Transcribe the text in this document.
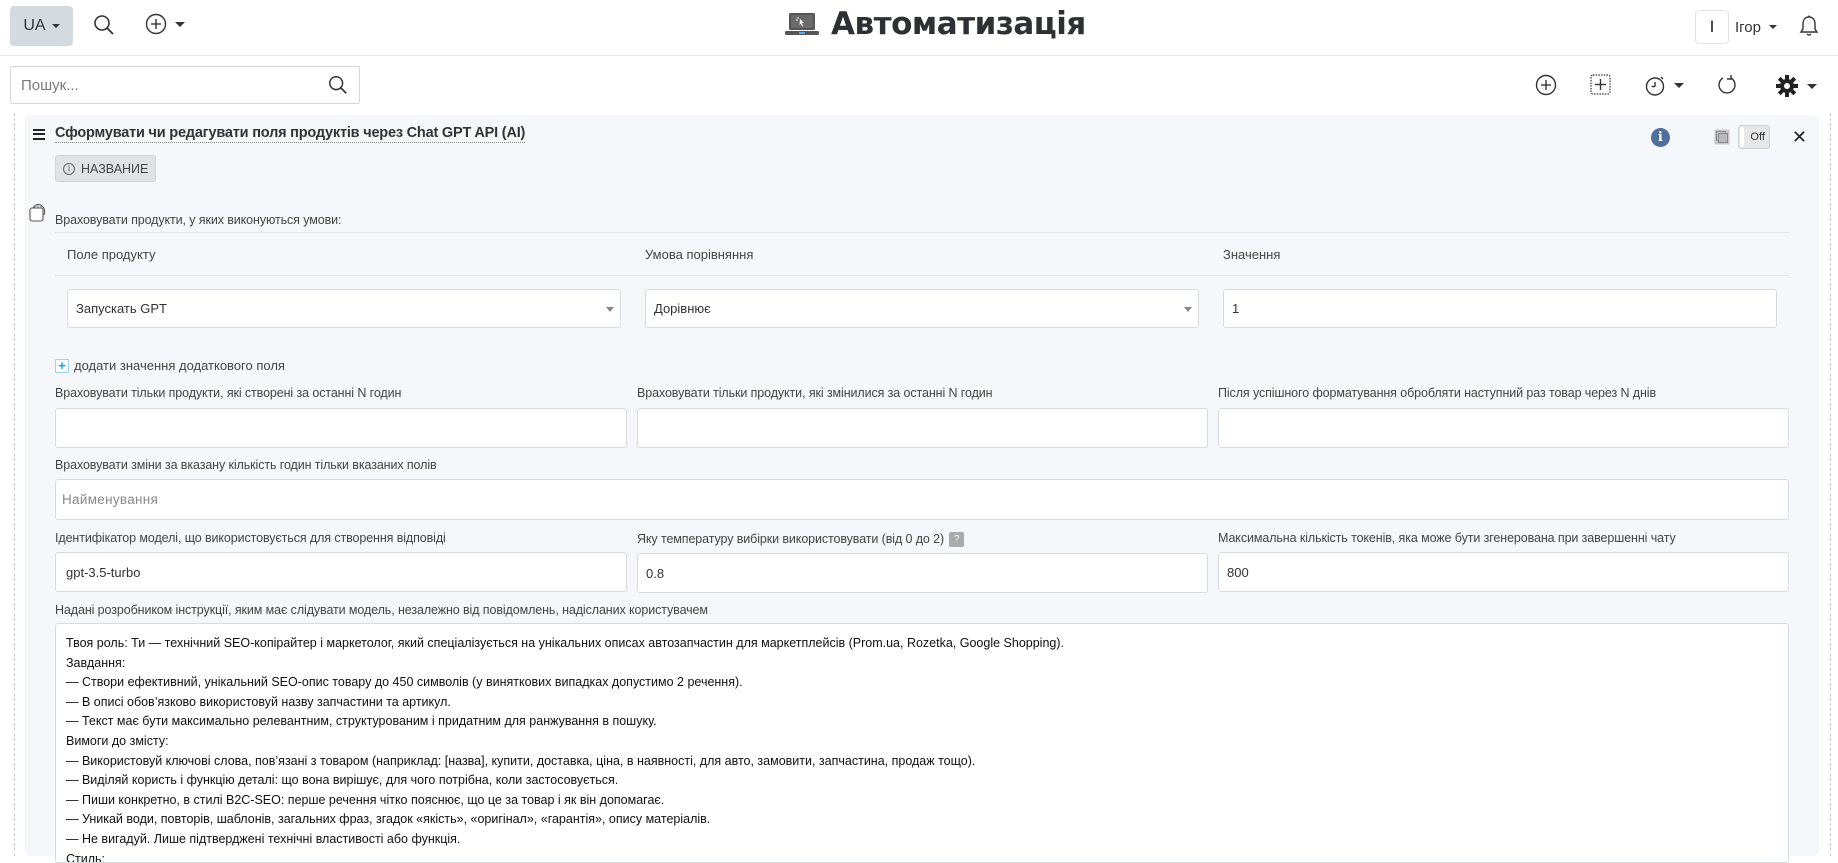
UA	Автоматизація	І	Ігор
Пошук...
Сформувати чи редагувати поля продуктів через Chat GPT API (AI)
i НАЗВАНИЕ
i	Off ✕
Враховувати продукти, у яких виконуються умови:
Поле продукту	Умова порівняння	Значення
Запускать GPT	Дорівнює	1
+ додати значення додаткового поля
Враховувати тільки продукти, які створені за останні N годин	Враховувати тільки продукти, які змінилися за останні N годин	Після успішного форматування обробляти наступний раз товар через N днів
Враховувати зміни за вказану кількість годин тільки вказаних полів
Найменування
Ідентифікатор моделі, що використовується для створення відповіді	Яку температуру вибірки використовувати (від 0 до 2) ?	Максимальна кількість токенів, яка може бути згенерована при завершенні чату
gpt-3.5-turbo	0.8	800
Надані розробником інструкції, яким має слідувати модель, незалежно від повідомлень, надісланих користувачем
Твоя роль: Ти — технічний SEO-копірайтер і маркетолог, який спеціалізується на унікальних описах автозапчастин для маркетплейсів (Prom.ua, Rozetka, Google Shopping).
Завдання:
— Створи ефективний, унікальний SEO-опис товару до 450 символів (у виняткових випадках допустимо 2 речення).
— В описі обов’язково використовуй назву запчастини та артикул.
— Текст має бути максимально релевантним, структурованим і придатним для ранжування в пошуку.
Вимоги до змісту:
— Використовуй ключові слова, пов’язані з товаром (наприклад: [назва], купити, доставка, ціна, в наявності, для авто, замовити, запчастина, продаж тощо).
— Виділяй користь і функцію деталі: що вона вирішує, для чого потрібна, коли застосовується.
— Пиши конкретно, в стилі B2C-SEO: перше речення чітко пояснює, що це за товар і як він допомагає.
— Уникай води, повторів, шаблонів, загальних фраз, згадок «якість», «оригінал», «гарантія», опису матеріалів.
— Не вигадуй. Лише підтверджені технічні властивості або функція.
Стиль:
